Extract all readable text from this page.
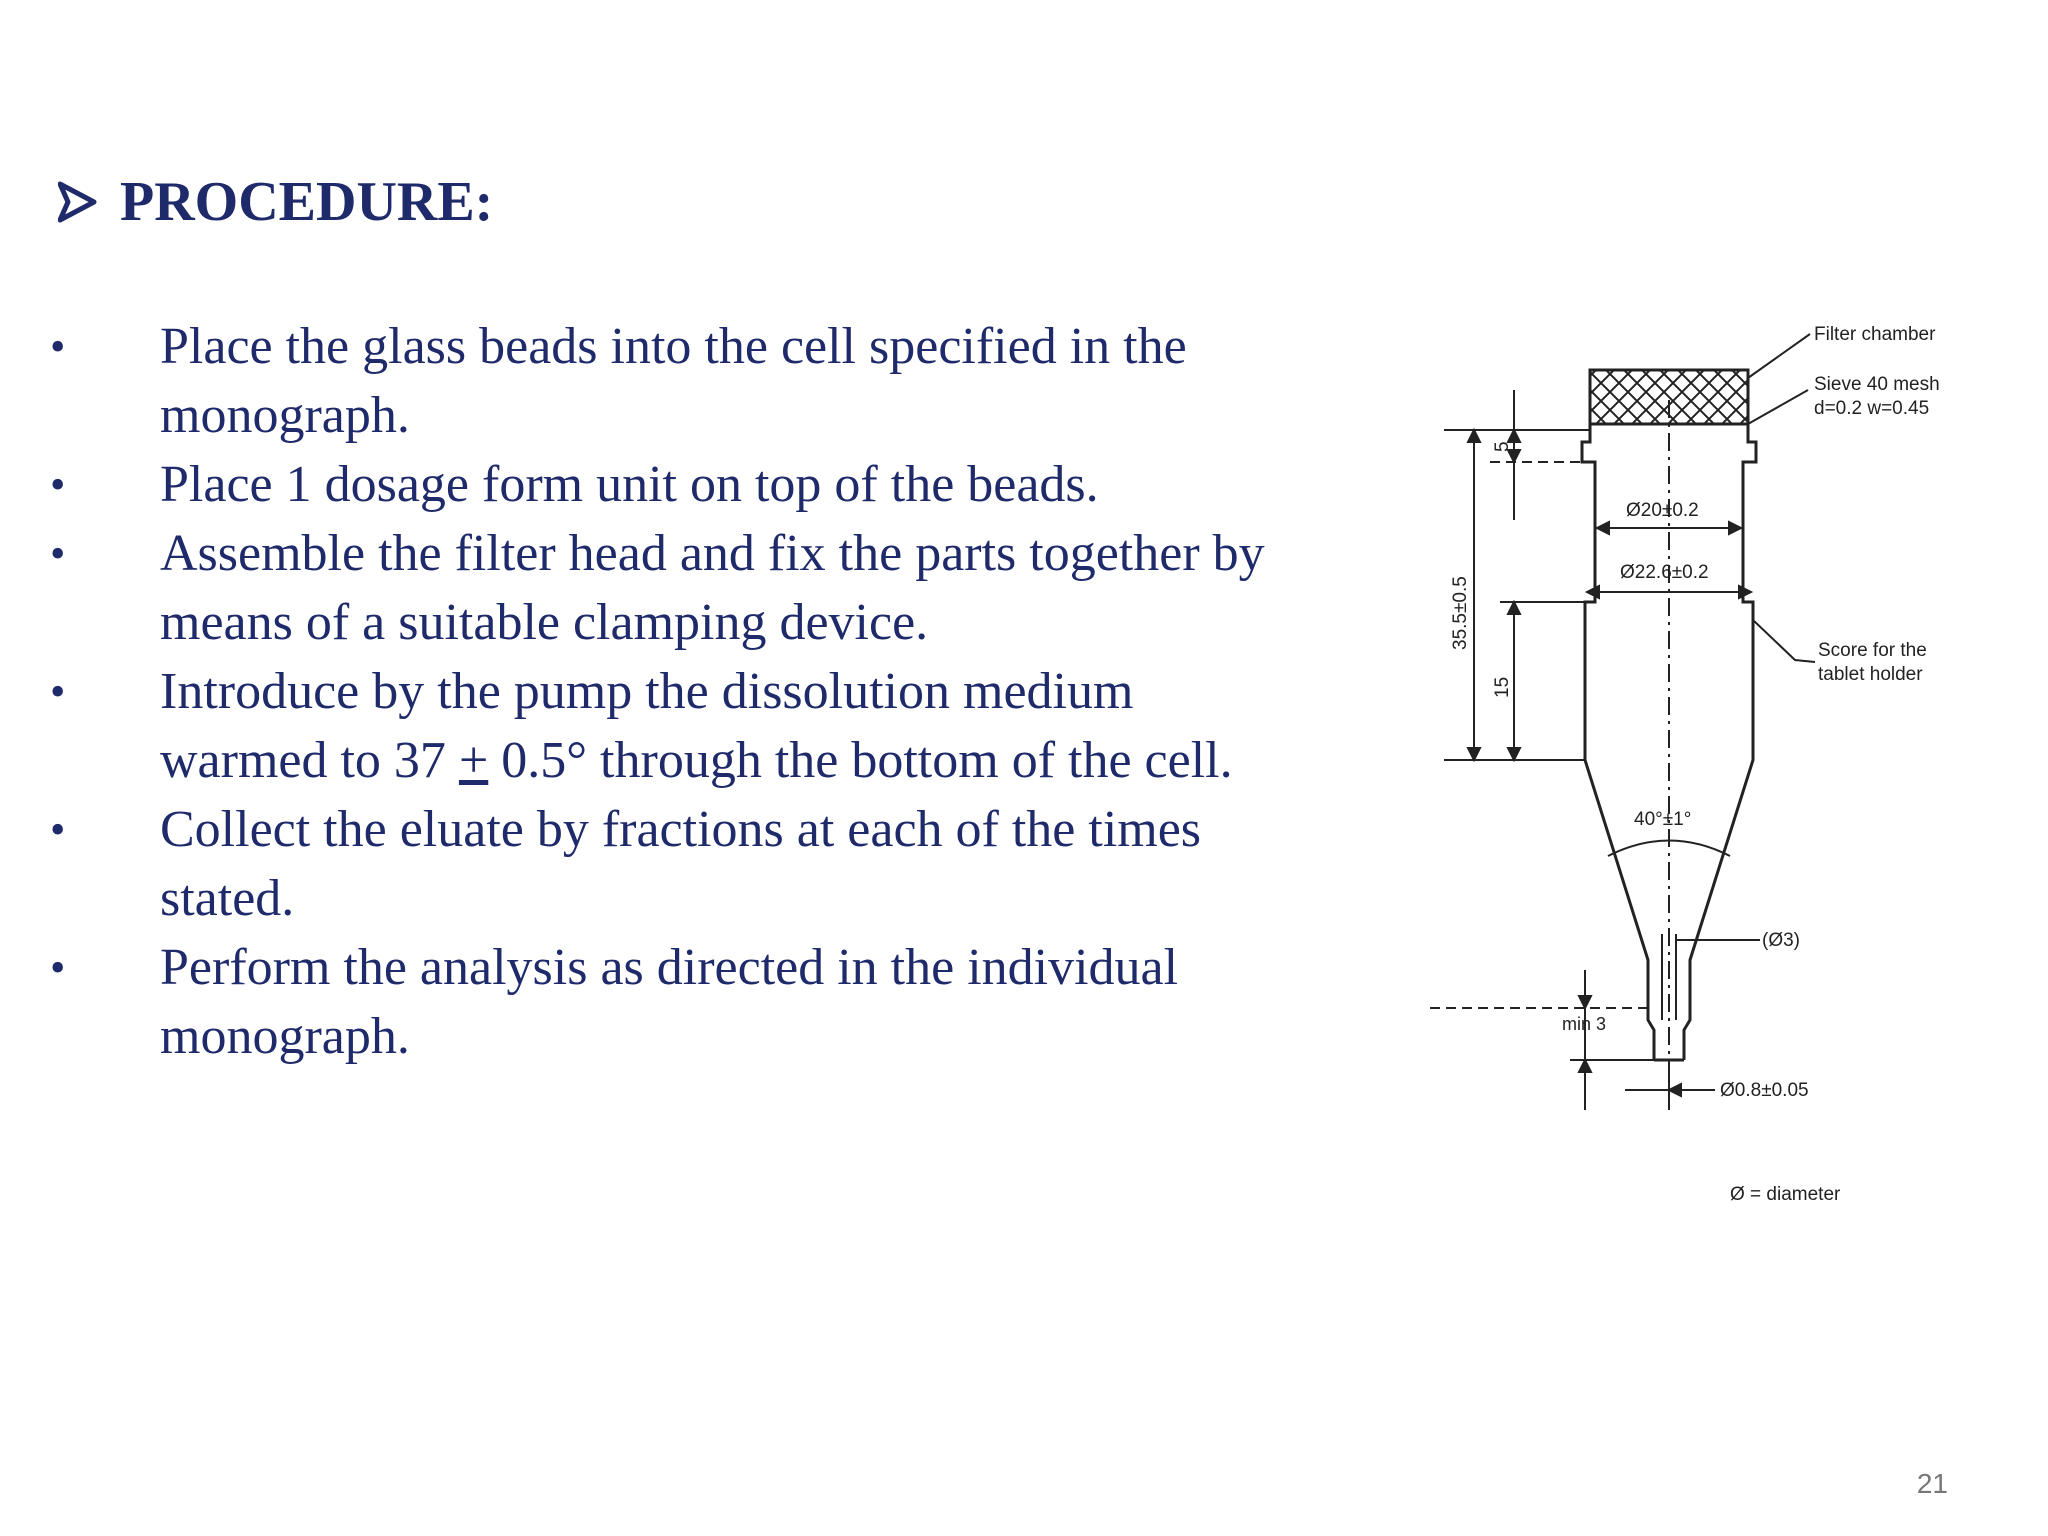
PROCEDURE:
• Place the glass beads into the cell specified in the monograph.
• Place 1 dosage form unit on top of the beads.
• Assemble the filter head and fix the parts together by means of a suitable clamping device.
• Introduce by the pump the dissolution medium warmed to 37 + 0.5° through the bottom of the cell.
• Collect the eluate by fractions at each of the times stated.
• Perform the analysis as directed in the individual monograph.
Ø20±0.2
Ø22.6±0.2
35.5±0.5
5
15
min 3
40°±1°
Ø0.8±0.05
(Ø3)
Filter chamber
Sieve 40 mesh
d=0.2 w=0.45
Score for the
tablet holder
Ø = diameter
21
